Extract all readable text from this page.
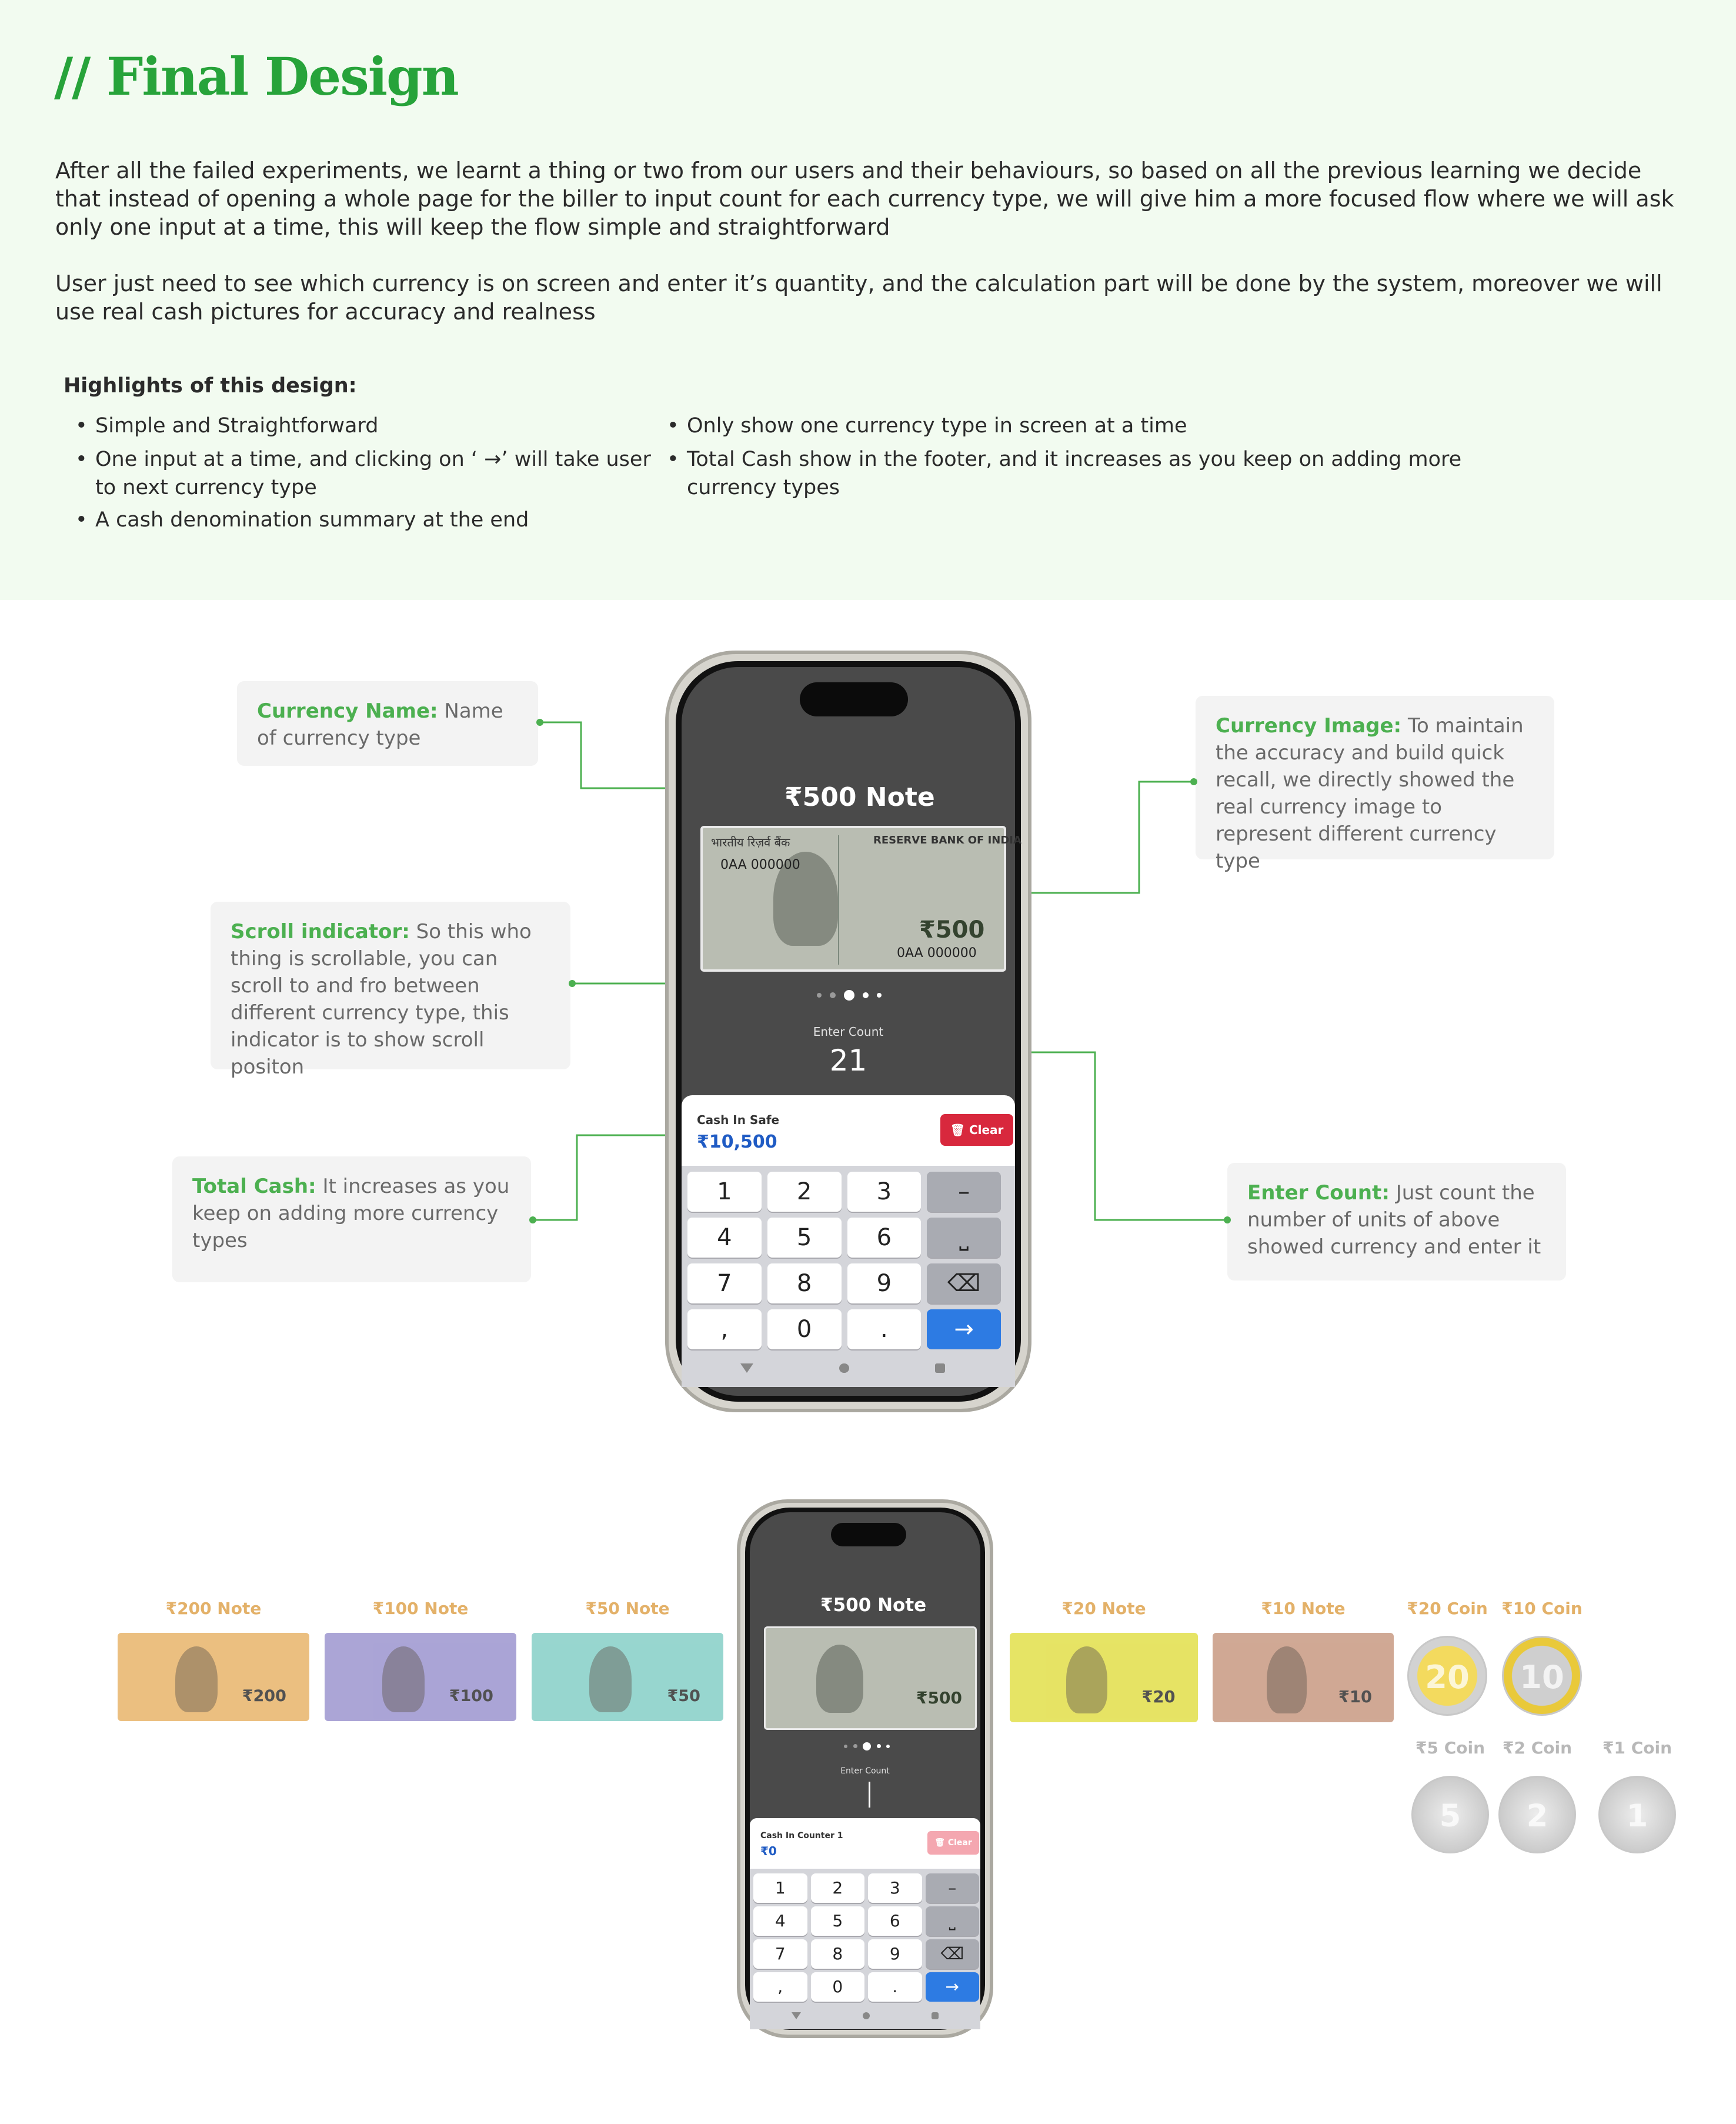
// Final Design
After all the failed experiments, we learnt a thing or two from our users and their behaviours, so based on all the previous learning we decide that instead of opening a whole page for the biller to input count for each currency type, we will give him a more focused flow where we will ask only one input at a time, this will keep the flow simple and straightforward
User just need to see which currency is on screen and enter it’s quantity, and the calculation part will be done by the system, moreover we will use real cash pictures for accuracy and realness
Highlights of this design:
• Simple and Straightforward
• One input at a time, and clicking on ‘ →’ will take user to next currency type
• A cash denomination summary at the end
• Only show one currency type in screen at a time
• Total Cash show in the footer, and it increases as you keep on adding more currency types
Currency Name: Name of currency type
Currency Image: To maintain the accuracy and build quick recall, we directly showed the real currency image to represent different currency type
Scroll indicator: So this who thing is scrollable, you can scroll to and fro between different currency type, this indicator is to show scroll positon
Total Cash: It increases as you keep on adding more currency types
Enter Count: Just count the number of units of above showed currency and enter it
₹500 Note
भारतीय रिज़र्व बैंक	RESERVE BANK OF INDIA
0AA 000000
₹500
0AA 000000
Enter Count
21
Cash In Safe
₹10,500
🗑 Clear
1	2	3	–
4	5	6	⎵
7	8	9	⌫
,	0	.	→
₹500 Note
₹500
Enter Count
Cash In Counter 1
₹0
🗑 Clear
1	2	3	–
4	5	6	⎵
7	8	9	⌫
,	0	.	→
₹200 Note
₹200
₹100 Note
₹100
₹50 Note
₹50
₹20 Note
₹20
₹10 Note
₹10
₹20 Coin
20
₹10 Coin
10
₹5 Coin
5
₹2 Coin
2
₹1 Coin
1
